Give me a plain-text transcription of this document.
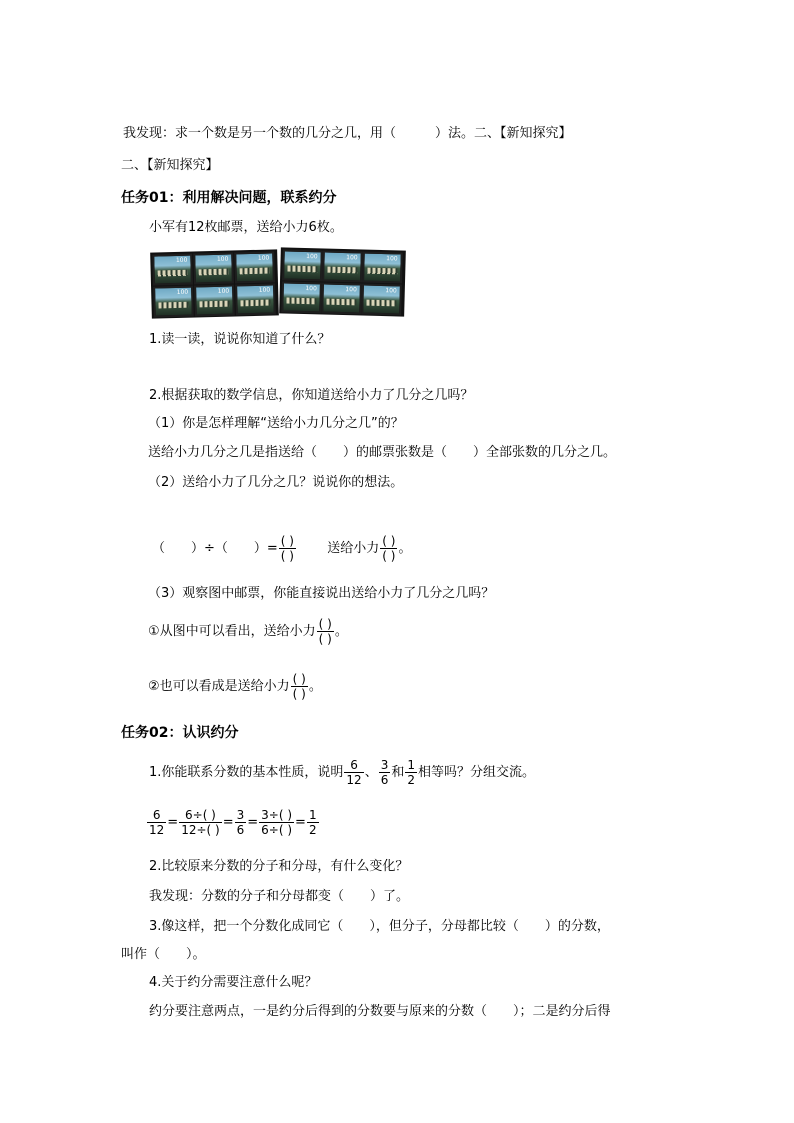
我发现：求一个数是另一个数的几分之几，用（　　　）法。二、【新知探究】
二、【新知探究】
任务01：利用解决问题，联系约分
小军有12枚邮票，送给小力6枚。
100	100	100
100	100	100
100	100	100
100	100	100
1.读一读，说说你知道了什么？
2.根据获取的数学信息，你知道送给小力了几分之几吗？
（1）你是怎样理解“送给小力几分之几”的？
送给小力几分之几是指送给（　　）的邮票张数是（　　）全部张数的几分之几。
（2）送给小力了几分之几？说说你的想法。
（　　）÷（　　）= $\frac{( )}{( )}$ 送给小力 $\frac{( )}{( )}$ 。
（3）观察图中邮票，你能直接说出送给小力了几分之几吗？
①从图中可以看出，送给小力 $\frac{( )}{( )}$ 。
②也可以看成是送给小力 $\frac{( )}{( )}$ 。
任务02：认识约分
1.你能联系分数的基本性质，说明 $\frac{6}{12}$ 、 $\frac{3}{6}$ 和 $\frac{1}{2}$ 相等吗？分组交流。
$\frac{6}{12} = \frac{6\div( )}{12\div( )} = \frac{3}{6} = \frac{3\div( )}{6\div( )} = \frac{1}{2}$
2.比较原来分数的分子和分母，有什么变化？
我发现：分数的分子和分母都变（　　）了。
3.像这样，把一个分数化成同它（　　），但分子，分母都比较（　　）的分数，
叫作（　　）。
4.关于约分需要注意什么呢？
约分要注意两点，一是约分后得到的分数要与原来的分数（　　）；二是约分后得
